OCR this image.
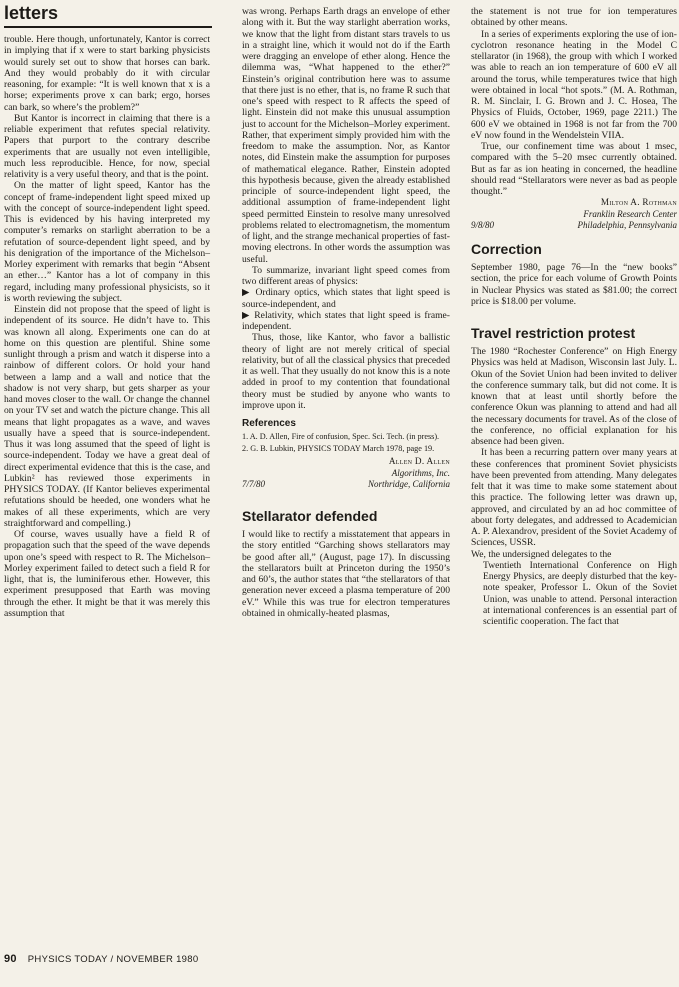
letters

trouble. Here though, unfortunately, Kantor is correct in implying that if x were to start barking physicists would surely set out to show that horses can bark. And they would probably do it with circular reasoning, for example: “It is well known that x is a horse; experiments prove x can bark; ergo, horses can bark, so where’s the problem?”

But Kantor is incorrect in claiming that there is a reliable experiment that refutes special relativity. Papers that purport to the contrary describe experiments that are usually not even intelligible, much less reproducible. Hence, for now, special relativity is a very useful theory, and that is the point.

On the matter of light speed, Kantor has the concept of frame-independent light speed mixed up with the concept of source-independent light speed. This is evidenced by his having interpreted my computer’s remarks on starlight aberration to be a refutation of source-dependent light speed, and by his denigration of the importance of the Michelson–Morley experiment with remarks that begin “Absent an ether…” Kantor has a lot of company in this regard, including many professional physicists, so it is worth reviewing the subject.

Einstein did not propose that the speed of light is independent of its source. He didn’t have to. This was known all along. Experiments one can do at home on this question are plentiful. Shine some sunlight through a prism and watch it disperse into a rainbow of different colors. Or hold your hand between a lamp and a wall and notice that the shadow is not very sharp, but gets sharper as your hand moves closer to the wall. Or change the channel on your TV set and watch the picture change. This all means that light propagates as a wave, and waves usually have a speed that is source-independent. Thus it was long assumed that the speed of light is source-independent. Today we have a great deal of direct experimental evidence that this is the case, and Lubkin² has reviewed those experiments in PHYSICS TODAY. (If Kantor believes experimental refutations should be heeded, one wonders what he makes of all these experiments, which are very straightforward and compelling.)

Of course, waves usually have a field R of propagation such that the speed of the wave depends upon one’s speed with respect to R. The Michelson–Morley experiment failed to detect such a field R for light, that is, the luminiferous ether. However, this experiment presupposed that Earth was moving through the ether. It might be that it was merely this assumption that

was wrong. Perhaps Earth drags an envelope of ether along with it. But the way starlight aberration works, we know that the light from distant stars travels to us in a straight line, which it would not do if the Earth were dragging an envelope of ether along. Hence the dilemma was, “What happened to the ether?” Einstein’s original contribution here was to assume that there just is no ether, that is, no frame R such that one’s speed with respect to R affects the speed of light. Einstein did not make this unusual assumption just to account for the Michelson–Morley experiment. Rather, that experiment simply provided him with the freedom to make the assumption. Nor, as Kantor notes, did Einstein make the assumption for purposes of mathematical elegance. Rather, Einstein adopted this hypothesis because, given the already established principle of source-independent light speed, the additional assumption of frame-independent light speed permitted Einstein to resolve many unresolved problems related to electromagnetism, the momentum of light, and the strange mechanical properties of fast-moving electrons. In other words the assumption was useful.

To summarize, invariant light speed comes from two different areas of physics:

▶ Ordinary optics, which states that light speed is source-independent, and

▶ Relativity, which states that light speed is frame-independent.

Thus, those, like Kantor, who favor a ballistic theory of light are not merely critical of special relativity, but of all the classical physics that preceded it as well. That they usually do not know this is a note added in proof to my contention that foundational theory must be studied by anyone who wants to improve upon it.

References
1. A. D. Allen, Fire of confusion, Spec. Sci. Tech. (in press).
2. G. B. Lubkin, PHYSICS TODAY March 1978, page 19.
Allen D. Allen
Algorithms, Inc.
7/7/80	Northridge, California
Stellarator defended

I would like to rectify a misstatement that appears in the story entitled “Garching shows stellarators may be good after all,” (August, page 17). In discussing the stellarators built at Princeton during the 1950’s and 60’s, the author states that “the stellarators of that generation never exceed a plasma temperature of 200 eV.” While this was true for electron temperatures obtained in ohmically-heated plasmas,

the statement is not true for ion temperatures obtained by other means.

In a series of experiments exploring the use of ion-cyclotron resonance heating in the Model C stellarator (in 1968), the group with which I worked was able to reach an ion temperature of 600 eV all around the torus, while temperatures twice that high were obtained in local “hot spots.” (M. A. Rothman, R. M. Sinclair, I. G. Brown and J. C. Hosea, The Physics of Fluids, October, 1969, page 2211.) The 600 eV we obtained in 1968 is not far from the 700 eV now found in the Wendelstein VIIA.

True, our confinement time was about 1 msec, compared with the 5–20 msec currently obtained. But as far as ion heating in concerned, the headline should read “Stellarators were never as bad as people thought.”

Milton A. Rothman
Franklin Research Center
9/8/80	Philadelphia, Pennsylvania
Correction

September 1980, page 76—In the “new books” section, the price for each volume of Growth Points in Nuclear Physics was stated as $81.00; the correct price is $18.00 per volume.

Travel restriction protest

The 1980 “Rochester Conference” on High Energy Physics was held at Madison, Wisconsin last July. L. Okun of the Soviet Union had been invited to deliver the conference summary talk, but did not come. It is known that at least until shortly before the conference Okun was planning to attend and had all the necessary documents for travel. As of the close of the conference, no official explanation for his absence had been given.

It has been a recurring pattern over many years at these conferences that prominent Soviet physicists have been prevented from attending. Many delegates felt that it was time to make some statement about this practice. The following letter was drawn up, approved, and circulated by an ad hoc committee of about forty delegates, and addressed to Academician A. P. Alexandrov, president of the Soviet Academy of Sciences, USSR.

We, the undersigned delegates to the

Twentieth International Conference on High Energy Physics, are deeply disturbed that the key-note speaker, Professor L. Okun of the Soviet Union, was unable to attend. Personal interaction at international conferences is an essential part of scientific cooperation. The fact that

90 PHYSICS TODAY / NOVEMBER 1980
